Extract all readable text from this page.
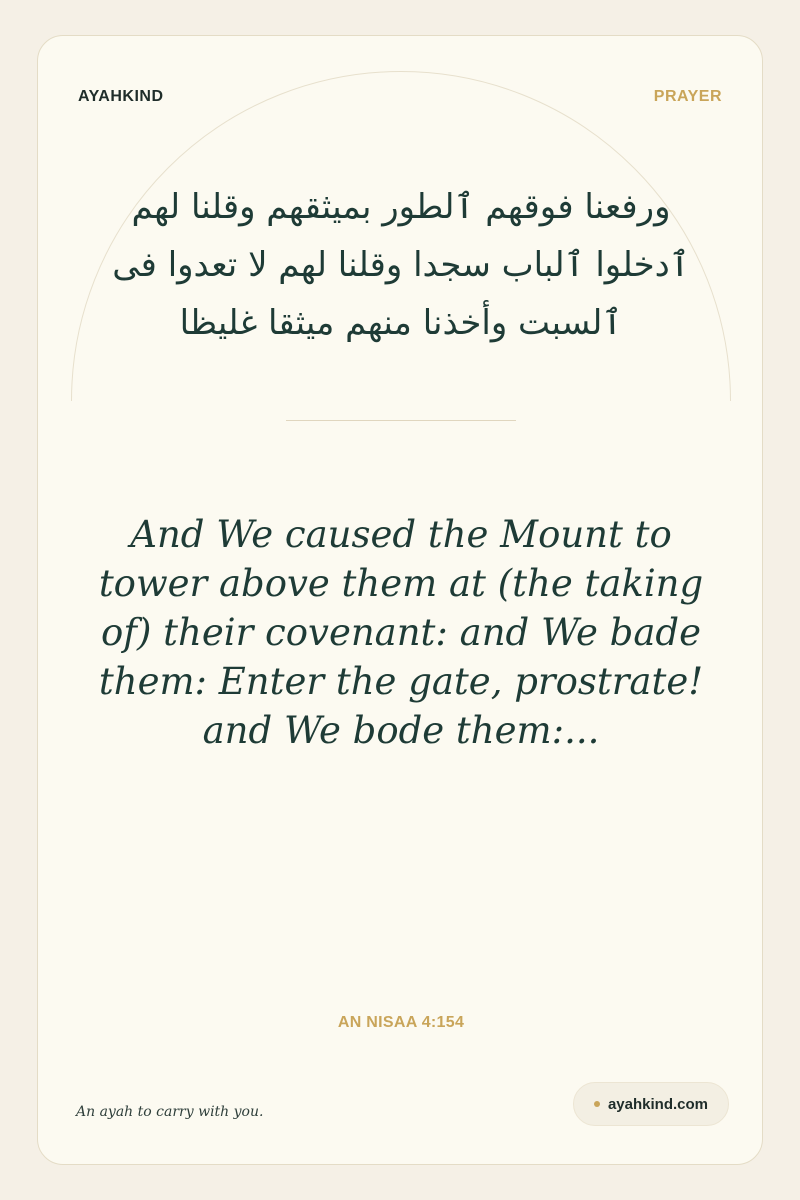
AYAHKIND	PRAYER
ورفعنا فوقهم ٱلطور بميثقهم وقلنا لهم ٱدخلوا ٱلباب سجدا وقلنا لهم لا تعدوا فى ٱلسبت وأخذنا منهم ميثقا غليظا
And We caused the Mount to tower above them at (the taking of) their covenant: and We bade them: Enter the gate, prostrate! and We bode them:...
AN NISAA 4:154
An ayah to carry with you.	ayahkind.com
